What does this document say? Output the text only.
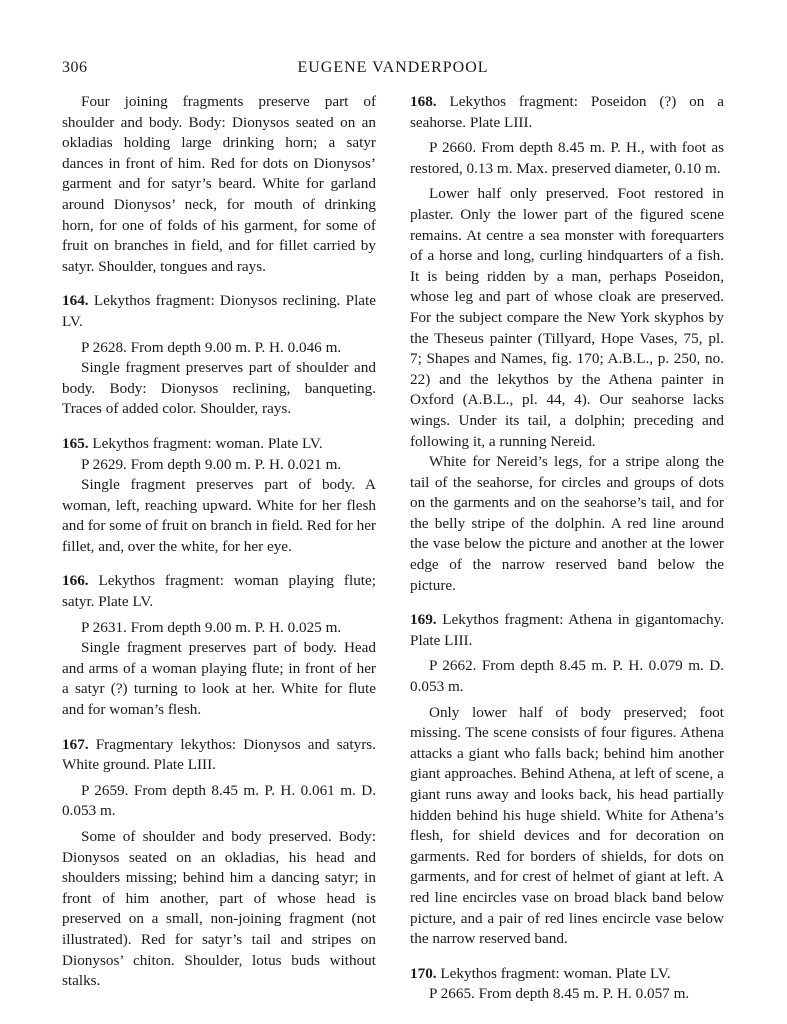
306	EUGENE VANDERPOOL

Four joining fragments preserve part of shoulder and body. Body: Dionysos seated on an okladias holding large drinking horn; a satyr dances in front of him. Red for dots on Dionysos’ garment and for satyr’s beard. White for garland around Dionysos’ neck, for mouth of drinking horn, for one of folds of his garment, for some of fruit on branches in field, and for fillet carried by satyr. Shoulder, tongues and rays.

164. Lekythos fragment: Dionysos reclining. Plate LV.

P 2628. From depth 9.00 m. P. H. 0.046 m.

Single fragment preserves part of shoulder and body. Body: Dionysos reclining, banqueting. Traces of added color. Shoulder, rays.

165. Lekythos fragment: woman. Plate LV.

P 2629. From depth 9.00 m. P. H. 0.021 m.

Single fragment preserves part of body. A woman, left, reaching upward. White for her flesh and for some of fruit on branch in field. Red for her fillet, and, over the white, for her eye.

166. Lekythos fragment: woman playing flute; satyr. Plate LV.

P 2631. From depth 9.00 m. P. H. 0.025 m.

Single fragment preserves part of body. Head and arms of a woman playing flute; in front of her a satyr (?) turning to look at her. White for flute and for woman’s flesh.

167. Fragmentary lekythos: Dionysos and satyrs. White ground. Plate LIII.

P 2659. From depth 8.45 m. P. H. 0.061 m. D. 0.053 m.

Some of shoulder and body preserved. Body: Dionysos seated on an okladias, his head and shoulders missing; behind him a dancing satyr; in front of him another, part of whose head is preserved on a small, non-joining fragment (not illustrated). Red for satyr’s tail and stripes on Dionysos’ chiton. Shoulder, lotus buds without stalks.

168. Lekythos fragment: Poseidon (?) on a seahorse. Plate LIII.

P 2660. From depth 8.45 m. P. H., with foot as restored, 0.13 m. Max. preserved diameter, 0.10 m.

Lower half only preserved. Foot restored in plaster. Only the lower part of the figured scene remains. At centre a sea monster with forequarters of a horse and long, curling hindquarters of a fish. It is being ridden by a man, perhaps Poseidon, whose leg and part of whose cloak are preserved. For the subject compare the New York skyphos by the Theseus painter (Tillyard, Hope Vases, 75, pl. 7; Shapes and Names, fig. 170; A.B.L., p. 250, no. 22) and the lekythos by the Athena painter in Oxford (A.B.L., pl. 44, 4). Our seahorse lacks wings. Under its tail, a dolphin; preceding and following it, a running Nereid.

White for Nereid’s legs, for a stripe along the tail of the seahorse, for circles and groups of dots on the garments and on the seahorse’s tail, and for the belly stripe of the dolphin. A red line around the vase below the picture and another at the lower edge of the narrow reserved band below the picture.

169. Lekythos fragment: Athena in gigantomachy. Plate LIII.

P 2662. From depth 8.45 m. P. H. 0.079 m. D. 0.053 m.

Only lower half of body preserved; foot missing. The scene consists of four figures. Athena attacks a giant who falls back; behind him another giant approaches. Behind Athena, at left of scene, a giant runs away and looks back, his head partially hidden behind his huge shield. White for Athena’s flesh, for shield devices and for decoration on garments. Red for borders of shields, for dots on garments, and for crest of helmet of giant at left. A red line encircles vase on broad black band below picture, and a pair of red lines encircle vase below the narrow reserved band.

170. Lekythos fragment: woman. Plate LV.

P 2665. From depth 8.45 m. P. H. 0.057 m.
